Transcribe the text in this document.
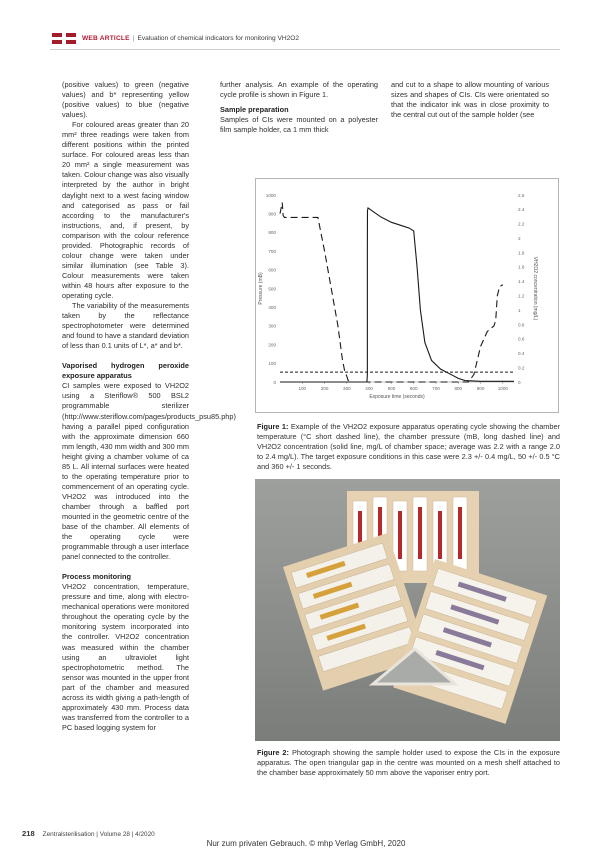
WEB ARTICLE | Evaluation of chemical indicators for monitoring VH2O2

(positive values) to green (negative values) and b* representing yellow (positive values) to blue (negative values).

For coloured areas greater than 20 mm² three readings were taken from different positions within the printed surface. For coloured areas less than 20 mm² a single measurement was taken. Colour change was also visually interpreted by the author in bright daylight next to a west facing window and categorised as pass or fail according to the manufacturer's instructions, and, if present, by comparison with the colour reference provided. Photographic records of colour change were taken under similar illumination (see Table 3). Colour measurements were taken within 48 hours after exposure to the operating cycle.

The variability of the measurements taken by the reflectance spectrophotometer were determined and found to have a standard deviation of less than 0.1 units of L*, a* and b*.

Vaporised hydrogen peroxide exposure apparatus

CI samples were exposed to VH2O2 using a Steriflow® 500 BSL2 programmable sterilizer (http://www.steriflow.com/pages/products_psu85.php) having a parallel piped configuration with the approximate dimension 660 mm length, 430 mm width and 300 mm height giving a chamber volume of ca 85 L. All internal surfaces were heated to the operating temperature prior to commencement of an operating cycle. VH2O2 was introduced into the chamber through a baffled port mounted in the geometric centre of the base of the chamber. All elements of the operating cycle were programmable through a user interface panel connected to the controller.

Process monitoring

VH2O2 concentration, temperature, pressure and time, along with electro-mechanical operations were monitored throughout the operating cycle by the monitoring system incorporated into the controller. VH2O2 concentration was measured within the chamber using an ultraviolet light spectrophotometric method. The sensor was mounted in the upper front part of the chamber and measured across its width giving a path-length of approximately 430 mm. Process data was transferred from the controller to a PC based logging system for

further analysis. An example of the operating cycle profile is shown in Figure 1.

Sample preparation

Samples of CIs were mounted on a polyester film sample holder, ca 1 mm thick

and cut to a shape to allow mounting of various sizes and shapes of CIs. CIs were orientated so that the indicator ink was in close proximity to the central cut out of the sample holder (see

0
100
200
300
400
500
600
700
800
900
1000
0
0.2
0.4
0.6
0.8
1
1.2
1.4
1.6
1.8
2
2.2
2.4
2.6
100	200	300	400	500	600	700	800	900	1000
Exposure time (seconds)
Pressure (mB)	VH2O2 concentration (mg/L)
Figure 1: Example of the VH2O2 exposure apparatus operating cycle showing the chamber temperature (°C short dashed line), the chamber pressure (mB, long dashed line) and VH2O2 concentration (solid line, mg/L of chamber space; average was 2.2 with a range 2.0 to 2.4 mg/L). The target exposure conditions in this case were 2.3 +/- 0.4 mg/L, 50 +/- 0.5 °C and 360 +/- 1 seconds.
Figure 2: Photograph showing the sample holder used to expose the CIs in the exposure apparatus. The open triangular gap in the centre was mounted on a mesh shelf attached to the chamber base approximately 50 mm above the vaporiser entry port.
218 Zentralsterilisation | Volume 28 | 4/2020
Nur zum privaten Gebrauch. © mhp Verlag GmbH, 2020
